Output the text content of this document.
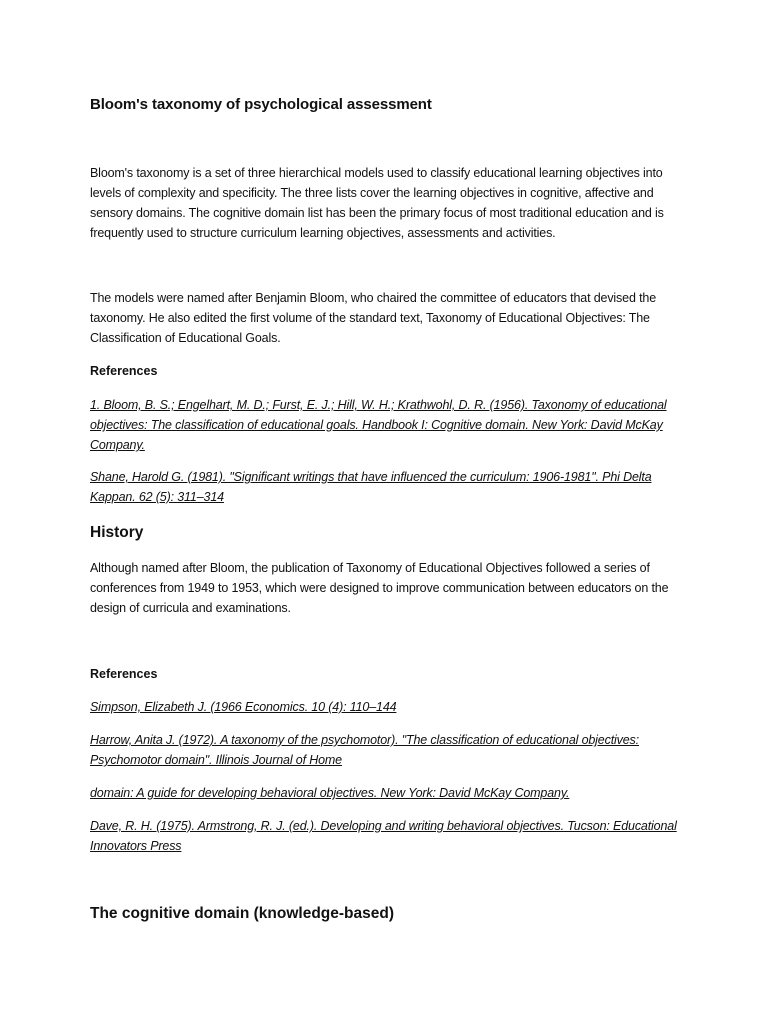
Bloom's taxonomy of psychological assessment

Bloom's taxonomy is a set of three hierarchical models used to classify educational learning objectives into levels of complexity and specificity. The three lists cover the learning objectives in cognitive, affective and sensory domains. The cognitive domain list has been the primary focus of most traditional education and is frequently used to structure curriculum learning objectives, assessments and activities.

The models were named after Benjamin Bloom, who chaired the committee of educators that devised the taxonomy. He also edited the first volume of the standard text, Taxonomy of Educational Objectives: The Classification of Educational Goals.

References

1. Bloom, B. S.; Engelhart, M. D.; Furst, E. J.; Hill, W. H.; Krathwohl, D. R. (1956). Taxonomy of educational objectives: The classification of educational goals. Handbook I: Cognitive domain. New York: David McKay Company.

Shane, Harold G. (1981). "Significant writings that have influenced the curriculum: 1906-1981". Phi Delta Kappan. 62 (5): 311–314

History

Although named after Bloom, the publication of Taxonomy of Educational Objectives followed a series of conferences from 1949 to 1953, which were designed to improve communication between educators on the design of curricula and examinations.

References

Simpson, Elizabeth J. (1966 Economics. 10 (4): 110–144

Harrow, Anita J. (1972). A taxonomy of the psychomotor). "The classification of educational objectives: Psychomotor domain". Illinois Journal of Home

domain: A guide for developing behavioral objectives. New York: David McKay Company.

Dave, R. H. (1975). Armstrong, R. J. (ed.). Developing and writing behavioral objectives. Tucson: Educational Innovators Press

The cognitive domain (knowledge-based)
